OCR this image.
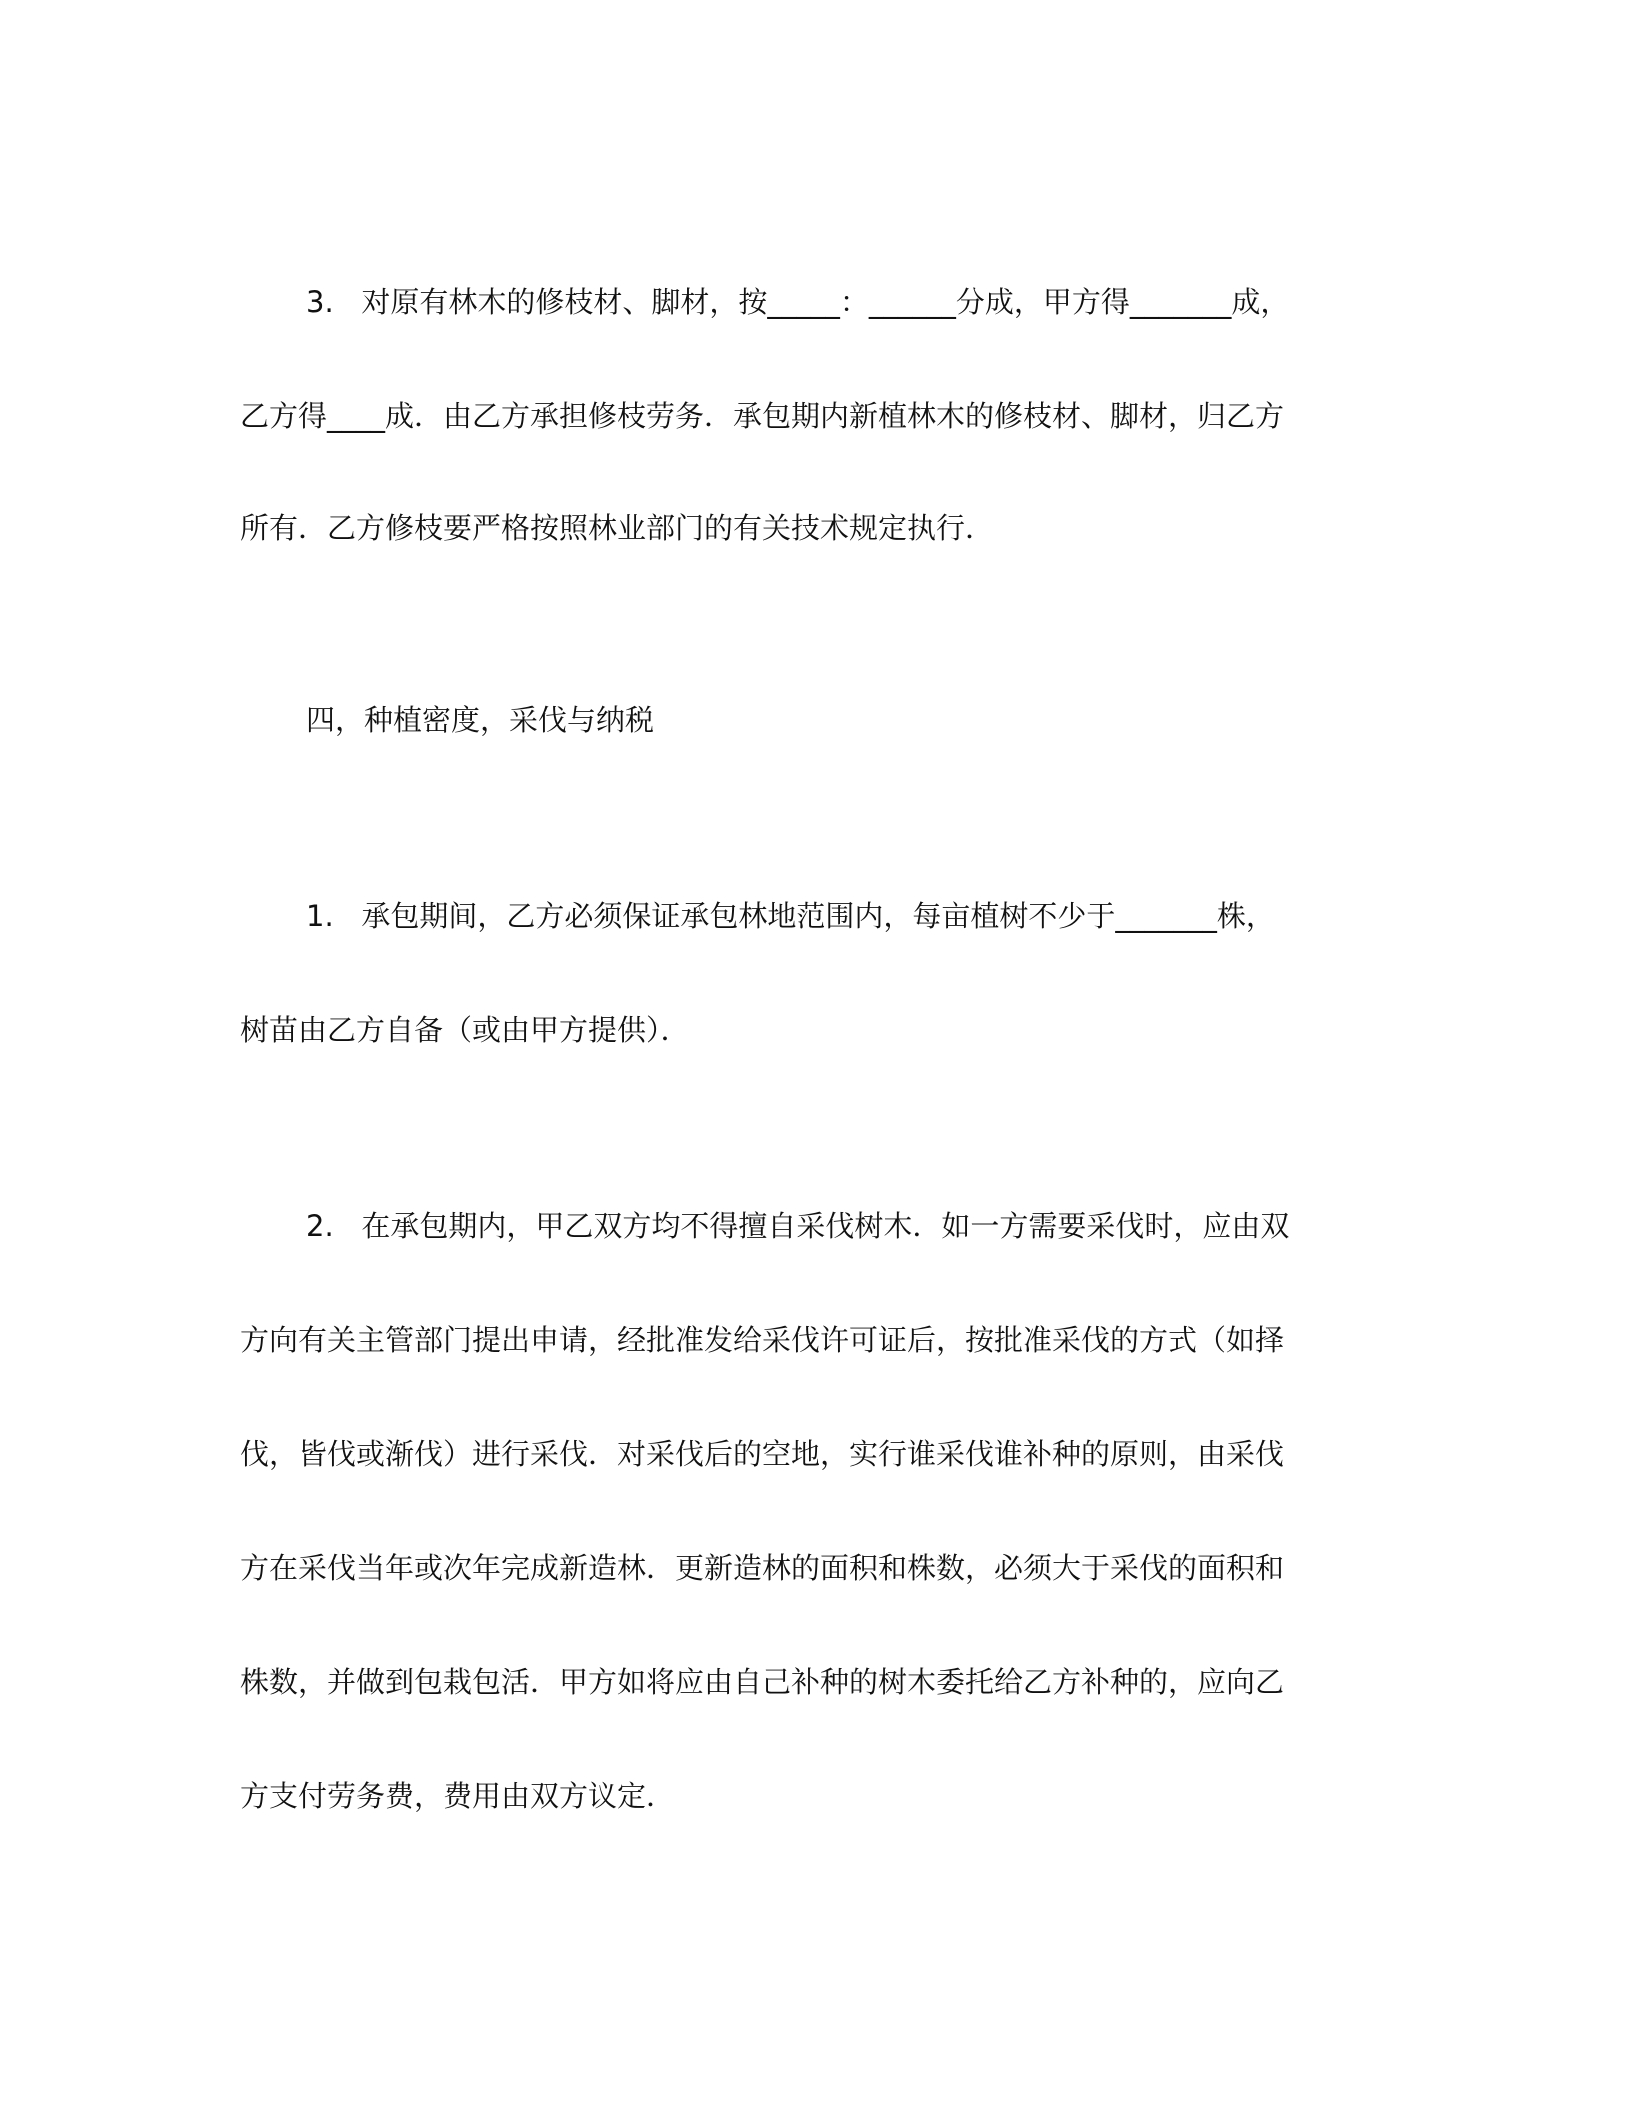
3.   对原有林木的修枝材、脚材，按_____：______分成，甲方得_______成，
乙方得____成．由乙方承担修枝劳务．承包期内新植林木的修枝材、脚材，归乙方
所有．乙方修枝要严格按照林业部门的有关技术规定执行．
四，种植密度，采伐与纳税
1.   承包期间，乙方必须保证承包林地范围内，每亩植树不少于_______株，
树苗由乙方自备（或由甲方提供）．
2.   在承包期内，甲乙双方均不得擅自采伐树木．如一方需要采伐时，应由双
方向有关主管部门提出申请，经批准发给采伐许可证后，按批准采伐的方式（如择
伐，皆伐或渐伐）进行采伐．对采伐后的空地，实行谁采伐谁补种的原则，由采伐
方在采伐当年或次年完成新造林．更新造林的面积和株数，必须大于采伐的面积和
株数，并做到包栽包活．甲方如将应由自己补种的树木委托给乙方补种的，应向乙
方支付劳务费，费用由双方议定．
